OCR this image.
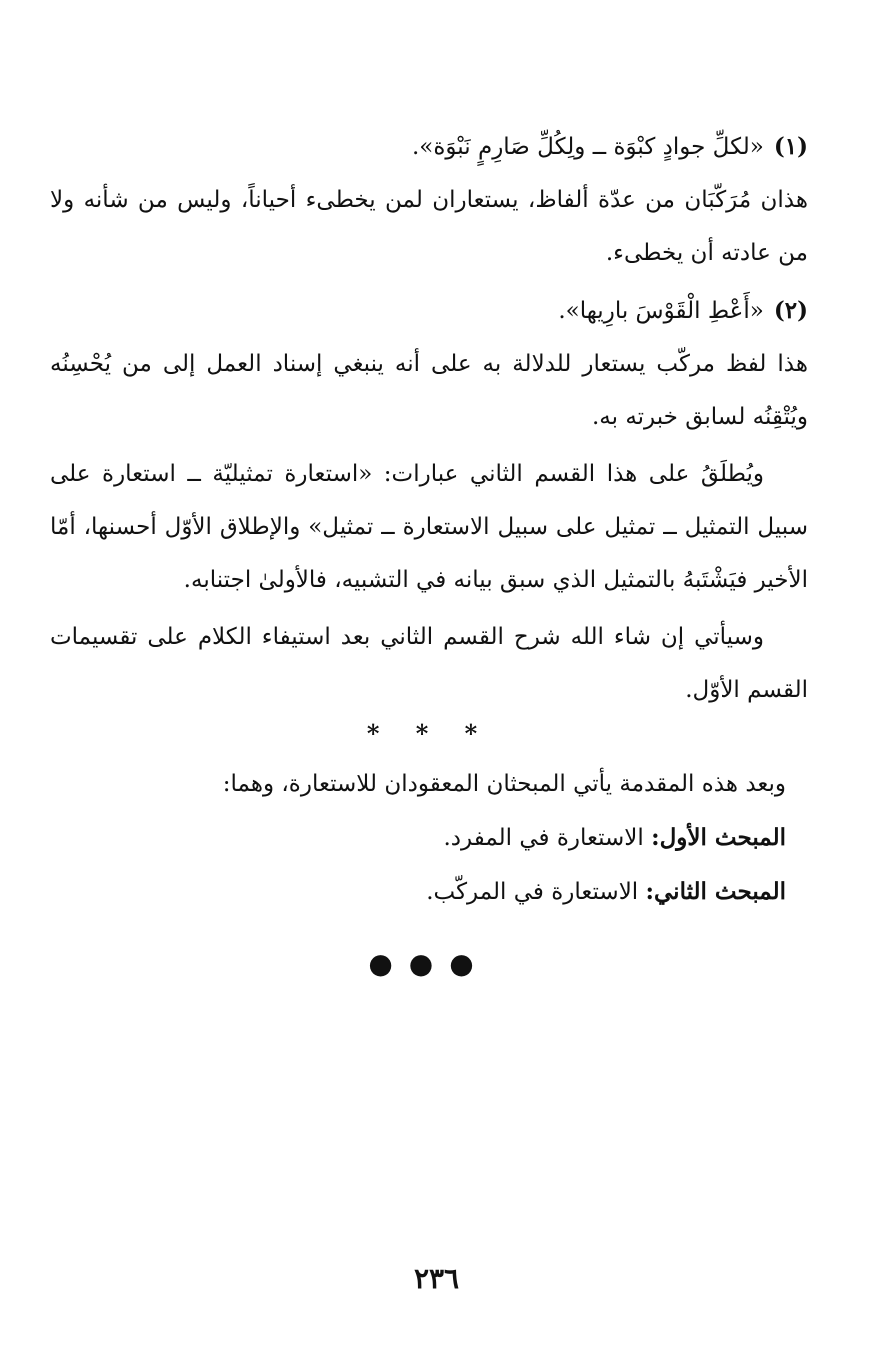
(١)«لكلِّ جوادٍ كبْوَة ــ ولِكُلِّ صَارِمٍ نَبْوَة».

هذان مُرَكّبَان من عدّة ألفاظ، يستعاران لمن يخطىء أحياناً، وليس من شأنه ولا من عادته أن يخطىء.

(٢)«أَعْطِ الْقَوْسَ بارِيها».

هذا لفظ مركّب يستعار للدلالة به على أنه ينبغي إسناد العمل إلى من يُحْسِنُه ويُتْقِنُه لسابق خبرته به.

ويُطلَقُ على هذا القسم الثاني عبارات: «استعارة تمثيليّة ــ استعارة على سبيل التمثيل ــ تمثيل على سبيل الاستعارة ــ تمثيل» والإطلاق الأوّل أحسنها، أمّا الأخير فيَشْتَبهُ بالتمثيل الذي سبق بيانه في التشبيه، فالأولىٰ اجتنابه.

وسيأتي إن شاء الله شرح القسم الثاني بعد استيفاء الكلام على تقسيمات القسم الأوّل.

* * *

وبعد هذه المقدمة يأتي المبحثان المعقودان للاستعارة، وهما:

المبحث الأول: الاستعارة في المفرد.

المبحث الثاني: الاستعارة في المركّب.

●●●
٢٣٦
